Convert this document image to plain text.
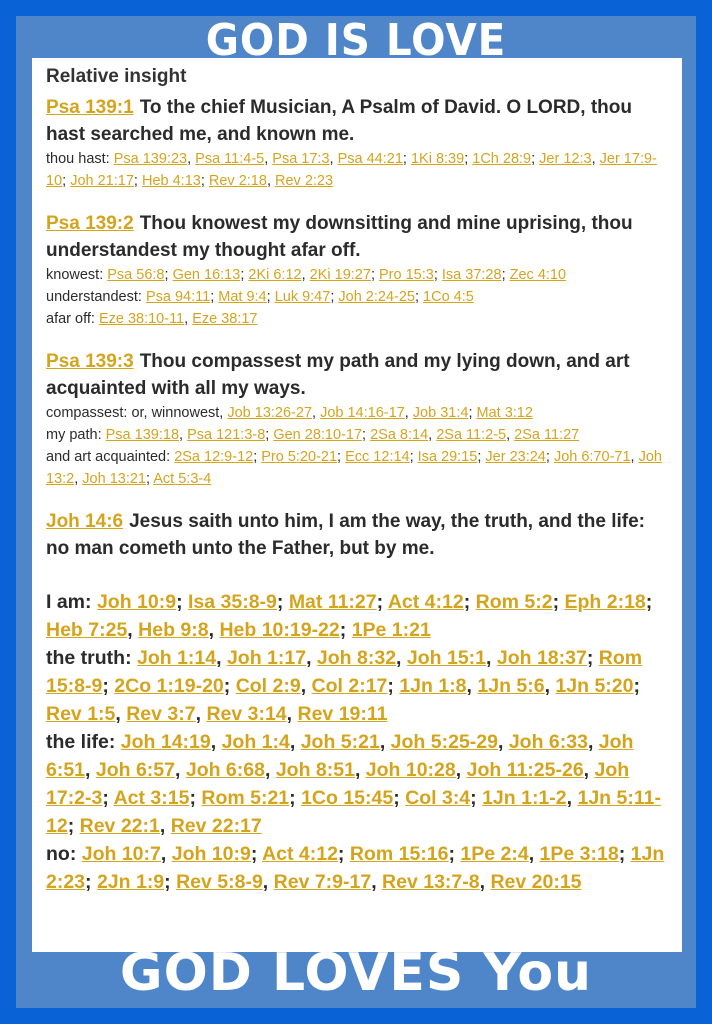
GOD IS LOVE
Relative insight
Psa 139:1 To the chief Musician, A Psalm of David. O LORD, thou hast searched me, and known me.
thou hast: Psa 139:23, Psa 11:4-5, Psa 17:3, Psa 44:21; 1Ki 8:39; 1Ch 28:9; Jer 12:3, Jer 17:9-10; Joh 21:17; Heb 4:13; Rev 2:18, Rev 2:23
Psa 139:2 Thou knowest my downsitting and mine uprising, thou understandest my thought afar off.
knowest: Psa 56:8; Gen 16:13; 2Ki 6:12, 2Ki 19:27; Pro 15:3; Isa 37:28; Zec 4:10
understandest: Psa 94:11; Mat 9:4; Luk 9:47; Joh 2:24-25; 1Co 4:5
afar off: Eze 38:10-11, Eze 38:17
Psa 139:3 Thou compassest my path and my lying down, and art acquainted with all my ways.
compassest: or, winnowest, Job 13:26-27, Job 14:16-17, Job 31:4; Mat 3:12
my path: Psa 139:18, Psa 121:3-8; Gen 28:10-17; 2Sa 8:14, 2Sa 11:2-5, 2Sa 11:27
and art acquainted: 2Sa 12:9-12; Pro 5:20-21; Ecc 12:14; Isa 29:15; Jer 23:24; Joh 6:70-71, Joh 13:2, Joh 13:21; Act 5:3-4
Joh 14:6 Jesus saith unto him, I am the way, the truth, and the life: no man cometh unto the Father, but by me.
I am: Joh 10:9; Isa 35:8-9; Mat 11:27; Act 4:12; Rom 5:2; Eph 2:18; Heb 7:25, Heb 9:8, Heb 10:19-22; 1Pe 1:21
the truth: Joh 1:14, Joh 1:17, Joh 8:32, Joh 15:1, Joh 18:37; Rom 15:8-9; 2Co 1:19-20; Col 2:9, Col 2:17; 1Jn 1:8, 1Jn 5:6, 1Jn 5:20; Rev 1:5, Rev 3:7, Rev 3:14, Rev 19:11
the life: Joh 14:19, Joh 1:4, Joh 5:21, Joh 5:25-29, Joh 6:33, Joh 6:51, Joh 6:57, Joh 6:68, Joh 8:51, Joh 10:28, Joh 11:25-26, Joh 17:2-3; Act 3:15; Rom 5:21; 1Co 15:45; Col 3:4; 1Jn 1:1-2, 1Jn 5:11-12; Rev 22:1, Rev 22:17
no: Joh 10:7, Joh 10:9; Act 4:12; Rom 15:16; 1Pe 2:4, 1Pe 3:18; 1Jn 2:23; 2Jn 1:9; Rev 5:8-9, Rev 7:9-17, Rev 13:7-8, Rev 20:15
GOD LOVES You
